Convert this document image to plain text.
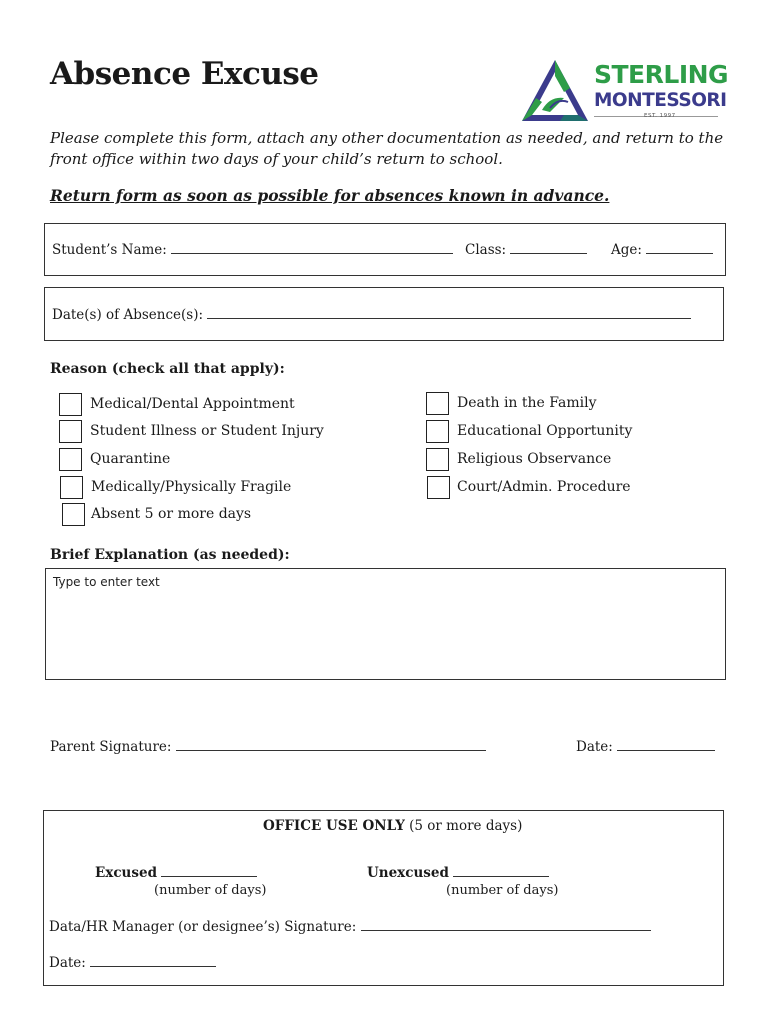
Absence Excuse	STERLING
MONTESSORI
EST. 1997
Please complete this form, attach any other documentation as needed, and return to the front office within two days of your child’s return to school.
Return form as soon as possible for absences known in advance.
Student’s Name:	Class:	Age:
Date(s) of Absence(s):
Reason (check all that apply):
Medical/Dental Appointment
Student Illness or Student Injury
Quarantine
Medically/Physically Fragile
Absent 5 or more days
Death in the Family
Educational Opportunity
Religious Observance
Court/Admin. Procedure
Brief Explanation (as needed):
Type to enter text
Parent Signature:	Date:
OFFICE USE ONLY (5 or more days)
Excused
(number of days)
Unexcused
(number of days)
Data/HR Manager (or designee’s) Signature:
Date:
